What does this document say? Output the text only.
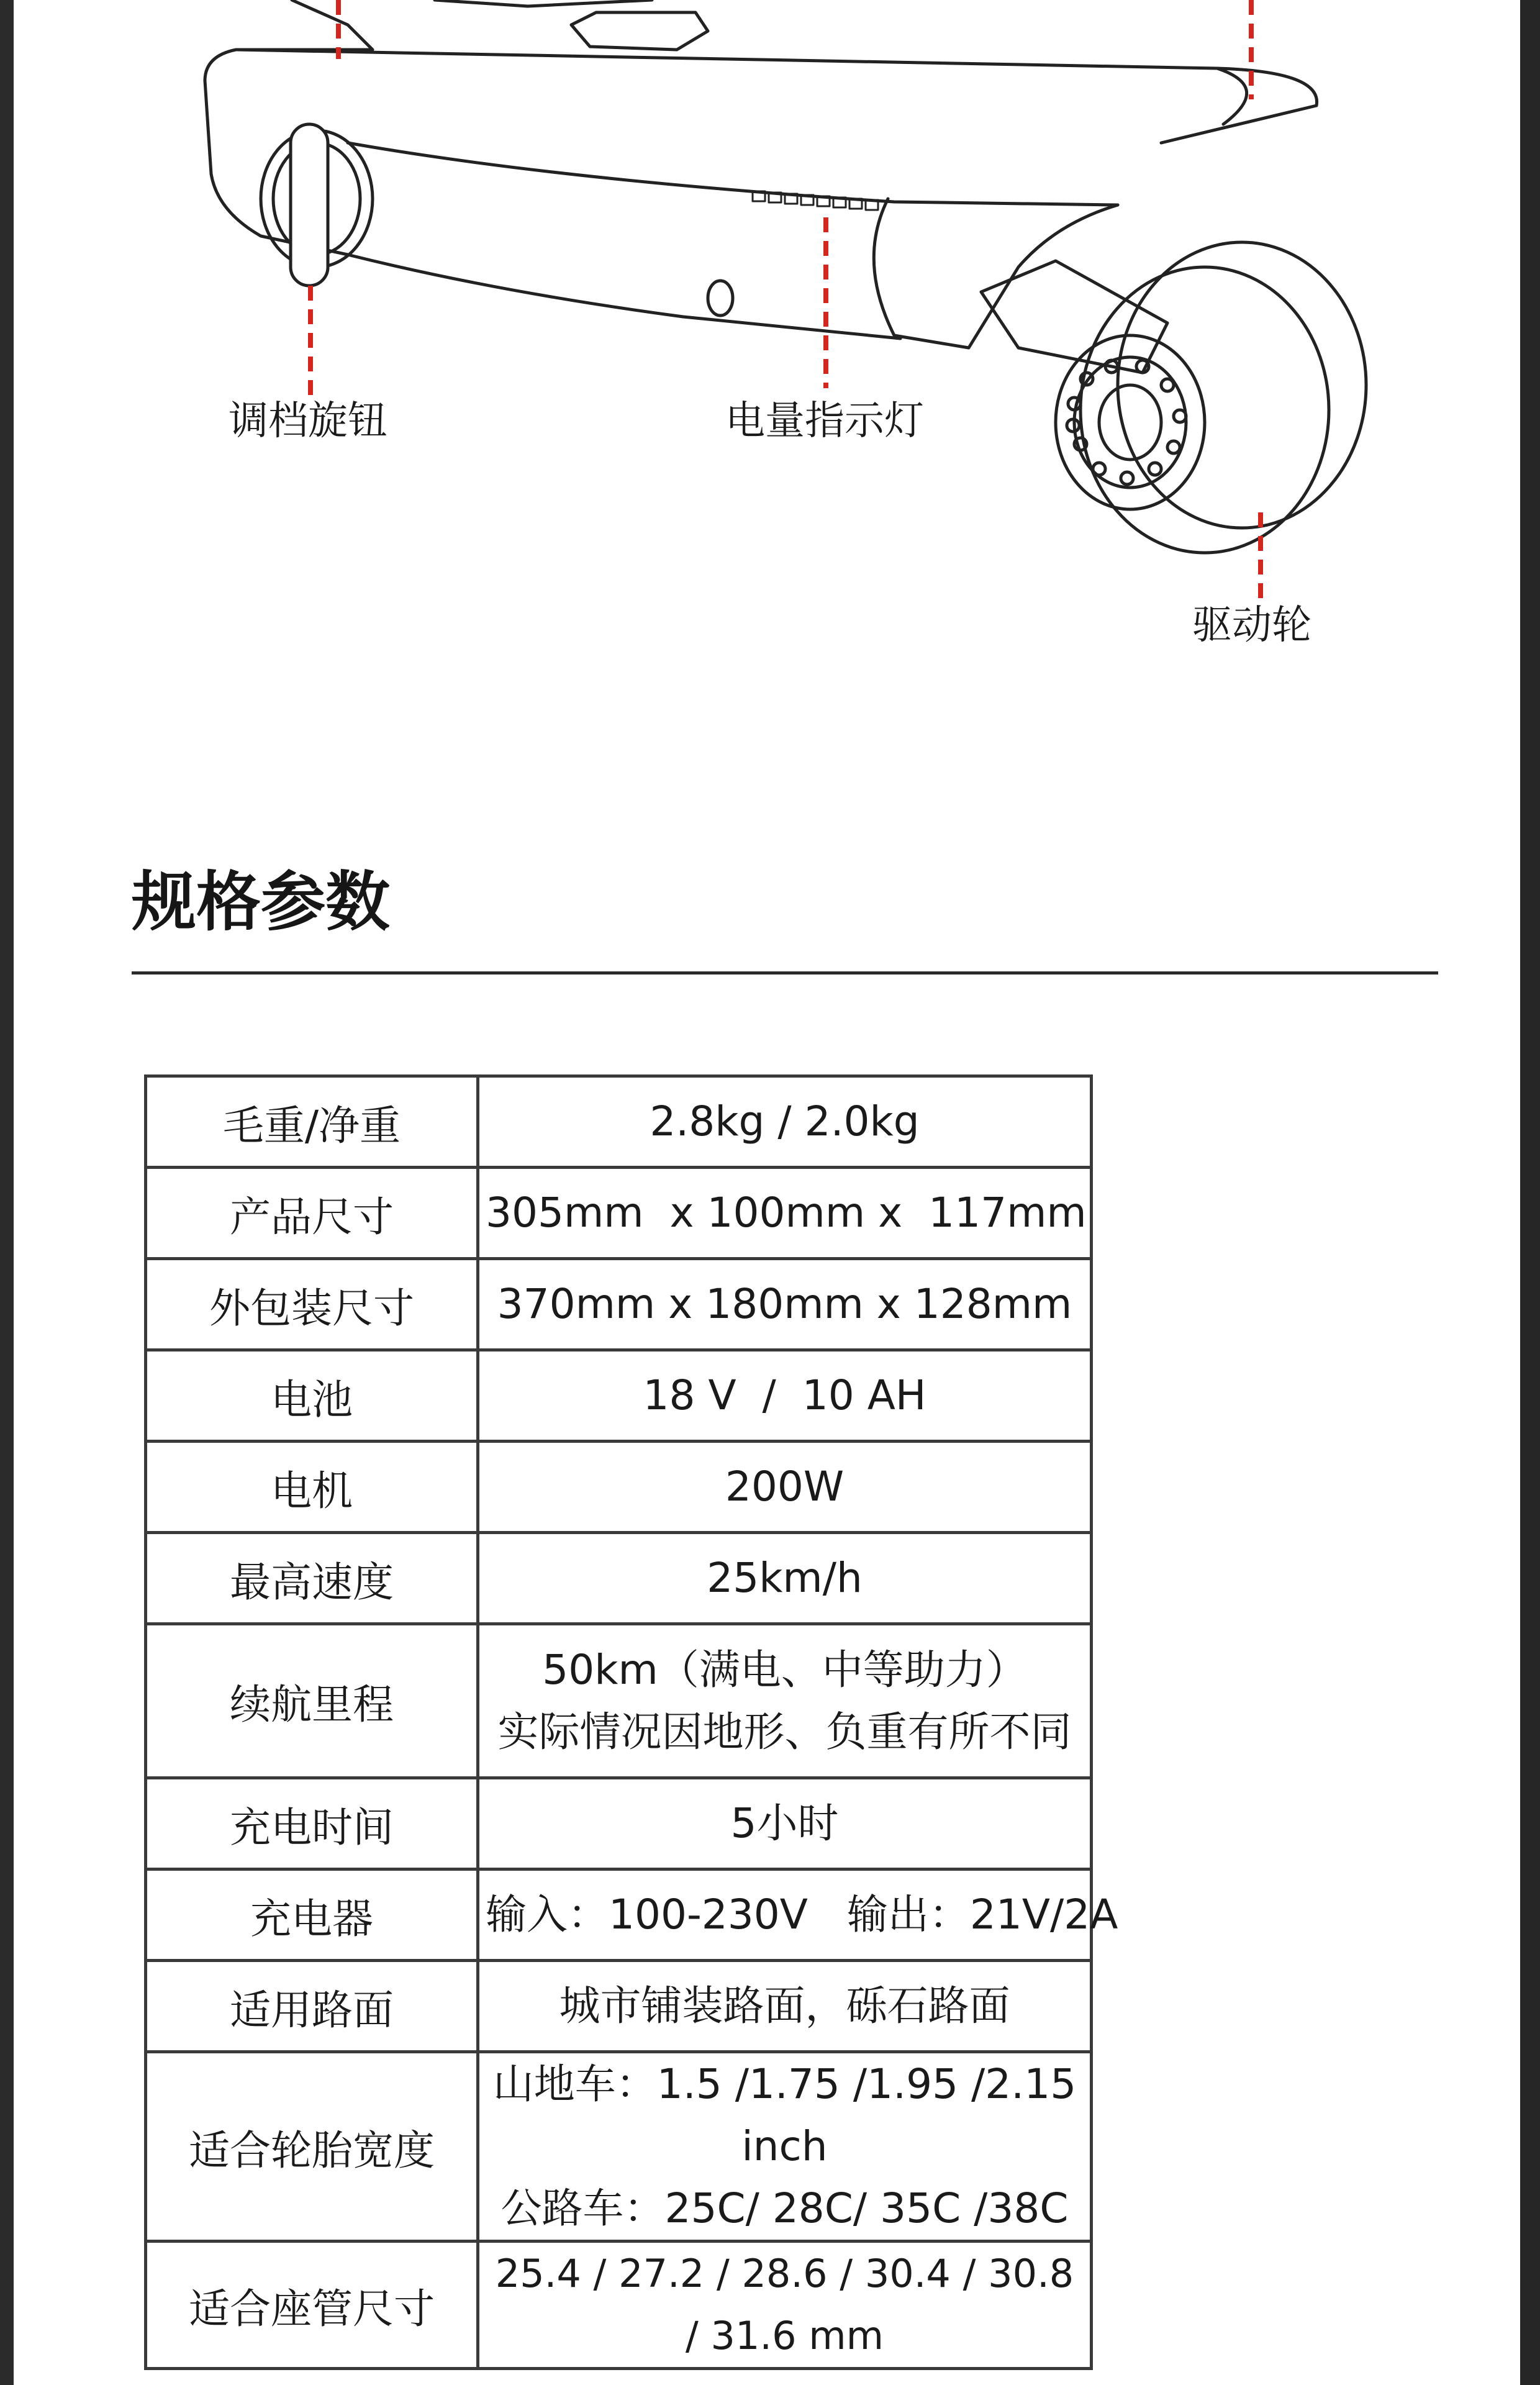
调档旋钮	电量指示灯
驱动轮
规格参数
毛重/净重	2.8kg / 2.0kg

产品尺寸	305mm  x 100mm x  117mm

外包装尺寸	370mm x 180mm x 128mm

电池	18 V  /  10 AH

电机	200W

最高速度	25km/h

续航里程	50km（满电、中等助力）
实际情况因地形、负重有所不同

充电时间	5小时

充电器	输入：100-230V   输出：21V/2A

适用路面	城市铺装路面，砾石路面

适合轮胎宽度	山地车：1.5 /1.75 /1.95 /2.15 inch
公路车：25C/ 28C/ 35C /38C

适合座管尺寸	25.4 / 27.2 / 28.6 / 30.4 / 30.8 / 31.6 mm
